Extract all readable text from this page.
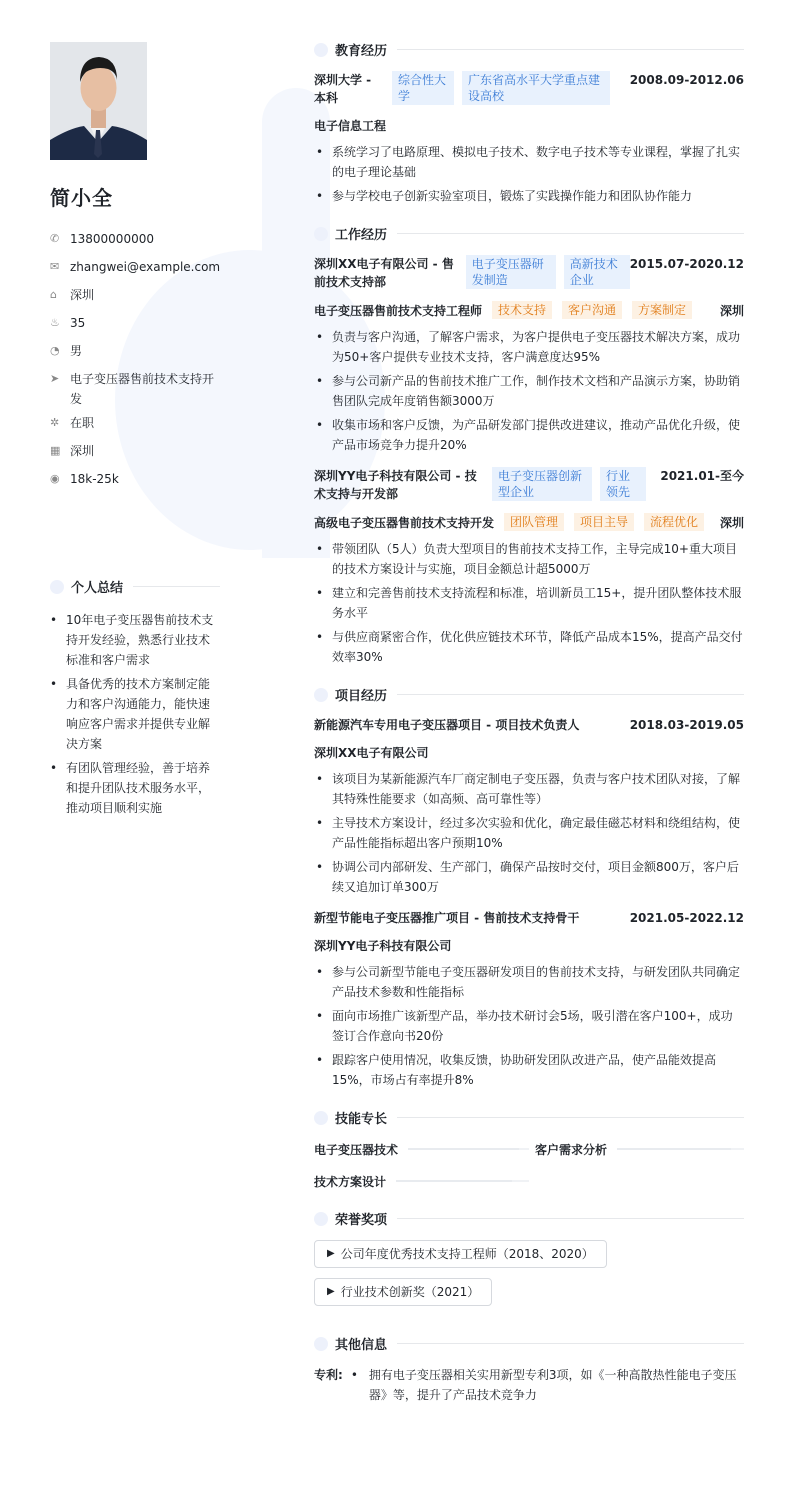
简小全
✆ 13800000000
✉ zhangwei@example.com
⌂	深圳
♨ 35
◔ 男
➤ 电子变压器售前技术支持开发
✲ 在职
▦ 深圳
◉ 18k-25k
个人总结
• 10年电子变压器售前技术支持开发经验，熟悉行业技术标准和客户需求
• 具备优秀的技术方案制定能力和客户沟通能力，能快速响应客户需求并提供专业解决方案
• 有团队管理经验，善于培养和提升团队技术服务水平，推动项目顺利实施
教育经历
深圳大学 - 本科
综合性大学
广东省高水平大学重点建设高校
2008.09-2012.06
电子信息工程
• 系统学习了电路原理、模拟电子技术、数字电子技术等专业课程，掌握了扎实的电子理论基础
• 参与学校电子创新实验室项目，锻炼了实践操作能力和团队协作能力
工作经历
深圳XX电子有限公司 - 售前技术支持部
电子变压器研发制造
高新技术企业
2015.07-2020.12
电子变压器售前技术支持工程师	技术支持	客户沟通	方案制定	深圳
• 负责与客户沟通，了解客户需求，为客户提供电子变压器技术解决方案，成功为50+客户提供专业技术支持，客户满意度达95%
• 参与公司新产品的售前技术推广工作，制作技术文档和产品演示方案，协助销售团队完成年度销售额3000万
• 收集市场和客户反馈，为产品研发部门提供改进建议，推动产品优化升级，使产品市场竞争力提升20%
深圳YY电子科技有限公司 - 技术支持与开发部
电子变压器创新型企业
行业领先
2021.01-至今
高级电子变压器售前技术支持开发	团队管理	项目主导	流程优化	深圳
• 带领团队（5人）负责大型项目的售前技术支持工作，主导完成10+重大项目的技术方案设计与实施，项目金额总计超5000万
• 建立和完善售前技术支持流程和标准，培训新员工15+，提升团队整体技术服务水平
• 与供应商紧密合作，优化供应链技术环节，降低产品成本15%，提高产品交付效率30%
项目经历
新能源汽车专用电子变压器项目 - 项目技术负责人	2018.03-2019.05
深圳XX电子有限公司
• 该项目为某新能源汽车厂商定制电子变压器，负责与客户技术团队对接，了解其特殊性能要求（如高频、高可靠性等）
• 主导技术方案设计，经过多次实验和优化，确定最佳磁芯材料和绕组结构，使产品性能指标超出客户预期10%
• 协调公司内部研发、生产部门，确保产品按时交付，项目金额800万，客户后续又追加订单300万
新型节能电子变压器推广项目 - 售前技术支持骨干	2021.05-2022.12
深圳YY电子科技有限公司
• 参与公司新型节能电子变压器研发项目的售前技术支持，与研发团队共同确定产品技术参数和性能指标
• 面向市场推广该新型产品，举办技术研讨会5场，吸引潜在客户100+，成功签订合作意向书20份
• 跟踪客户使用情况，收集反馈，协助研发团队改进产品，使产品能效提高15%，市场占有率提升8%
技能专长
电子变压器技术	客户需求分析
技术方案设计
荣誉奖项
▶ 公司年度优秀技术支持工程师（2018、2020）
▶ 行业技术创新奖（2021）
其他信息
专利:
•	拥有电子变压器相关实用新型专利3项，如《一种高散热性能电子变压器》等，提升了产品技术竞争力
